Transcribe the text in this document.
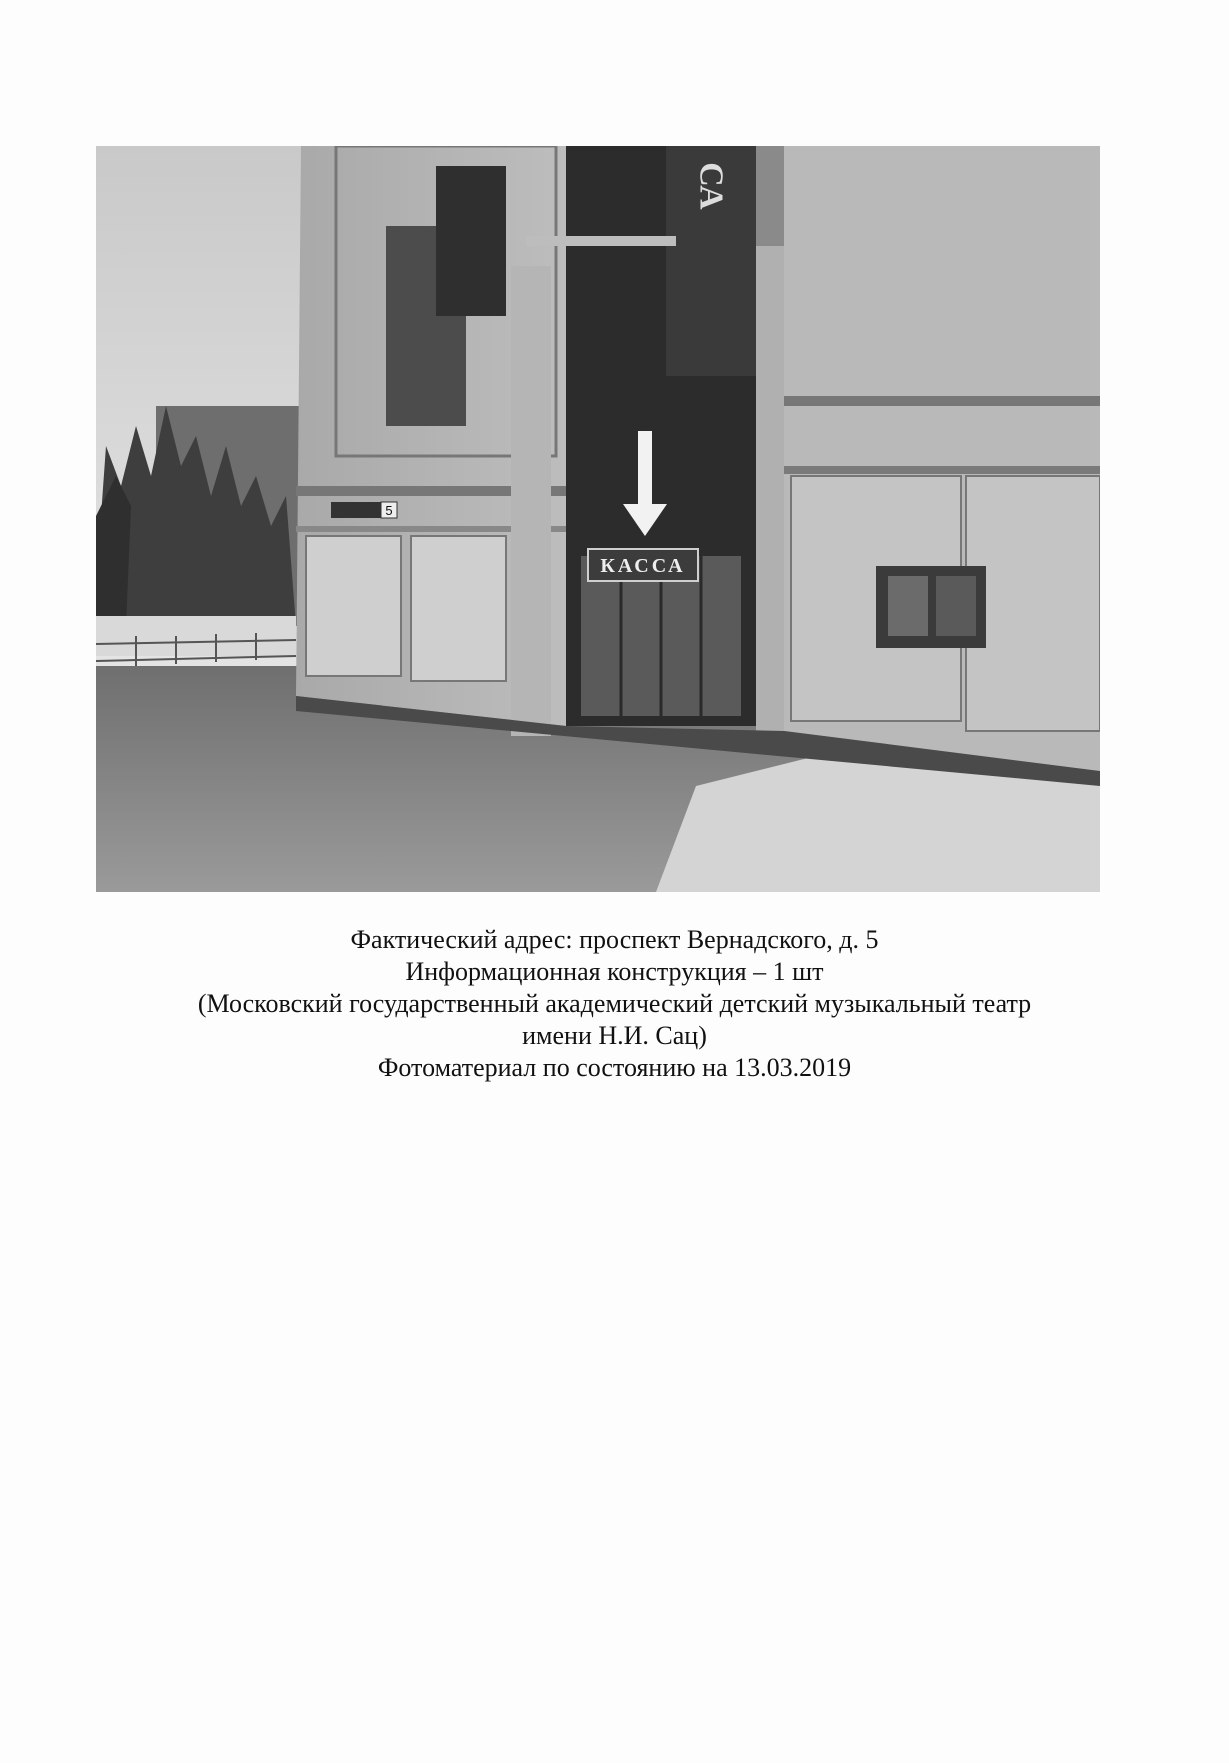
5
СА
КАССА
Фактический адрес: проспект Вернадского, д. 5
Информационная конструкция – 1 шт
(Московский государственный академический детский музыкальный театр
имени Н.И. Сац)
Фотоматериал по состоянию на 13.03.2019
